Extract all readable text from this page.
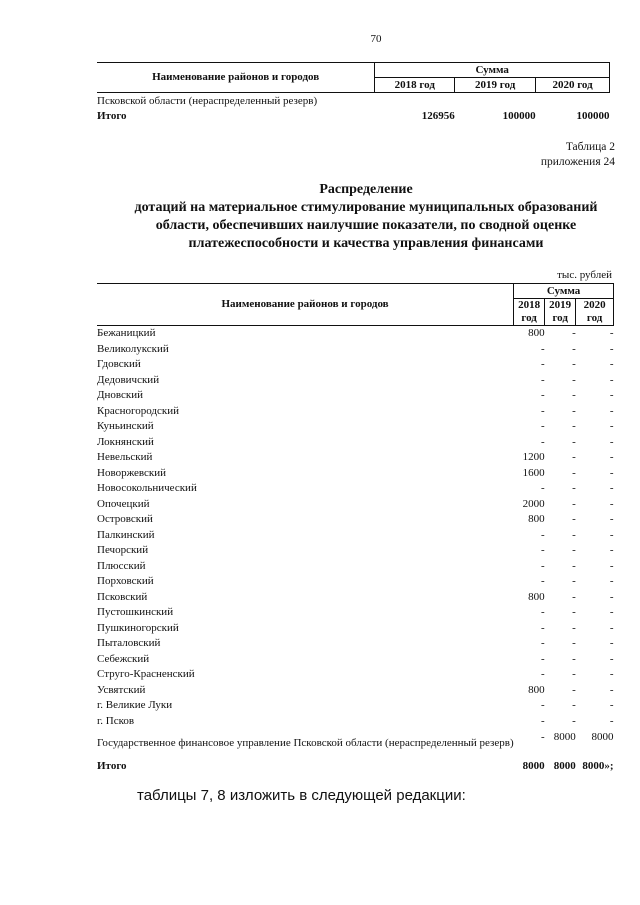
70
Наименование районов и городов	Сумма		
	2018 год	2019 год	2020 год
Псковской области (нераспределенный резерв)			
Итого	126956	100000	100000
Таблица 2
приложения 24
Распределение
дотаций на материальное стимулирование муниципальных образований
области, обеспечивших наилучшие показатели, по сводной оценке
платежеспособности и качества управления финансами
тыс. рублей
Наименование районов и городов	Сумма		
	2018 год	2019 год	2020 год
Бежаницкий	800	-	-
Великолукский	-	-	-
Гдовский	-	-	-
Дедовичский	-	-	-
Дновский	-	-	-
Красногородский	-	-	-
Куньинский	-	-	-
Локнянский	-	-	-
Невельский	1200	-	-
Новоржевский	1600	-	-
Новосокольнический	-	-	-
Опочецкий	2000	-	-
Островский	800	-	-
Палкинский	-	-	-
Печорский	-	-	-
Плюсский	-	-	-
Порховский	-	-	-
Псковский	800	-	-
Пустошкинский	-	-	-
Пушкиногорский	-	-	-
Пыталовский	-	-	-
Себежский	-	-	-
Струго-Красненский	-	-	-
Усвятский	800	-	-
г. Великие Луки	-	-	-
г. Псков	-	-	-
Государственное финансовое управление Псковской области (нераспределенный резерв)	-	8000	8000
Итого	8000	8000	8000»;
таблицы 7, 8 изложить в следующей редакции:
